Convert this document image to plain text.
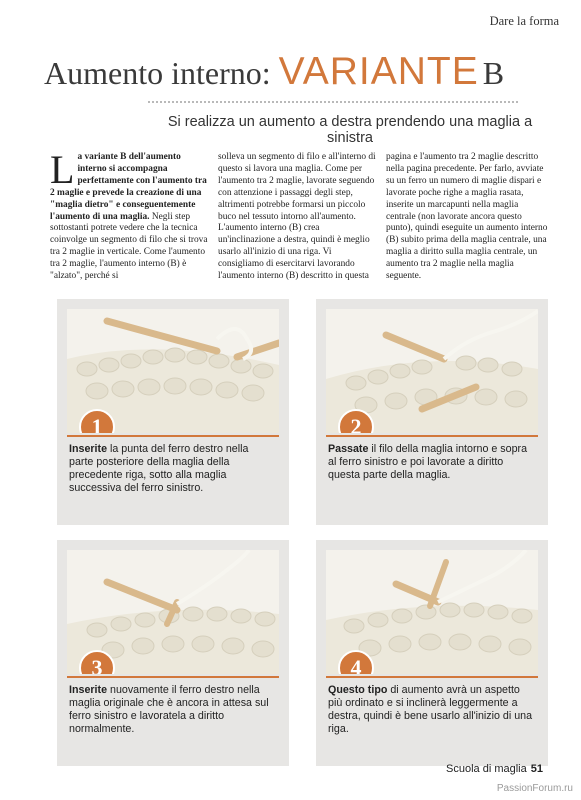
Dare la forma
Aumento interno: VARIANTE B
Si realizza un aumento a destra prendendo una maglia a sinistra
La variante B dell'aumento interno si accompagna perfettamente con l'aumento tra 2 maglie e prevede la creazione di una "maglia dietro" e conseguentemente l'aumento di una maglia. Negli step sottostanti potrete vedere che la tecnica coinvolge un segmento di filo che si trova tra 2 maglie in verticale. Come l'aumento tra 2 maglie, l'aumento interno (B) è "alzato", perché si
solleva un segmento di filo e all'interno di questo si lavora una maglia. Come per l'aumento tra 2 maglie, lavorate seguendo con attenzione i passaggi degli step, altrimenti potrebbe formarsi un piccolo buco nel tessuto intorno all'aumento. L'aumento interno (B) crea un'inclinazione a destra, quindi è meglio usarlo all'inizio di una riga. Vi consigliamo di esercitarvi lavorando l'aumento interno (B) descritto in questa
pagina e l'aumento tra 2 maglie descritto nella pagina precedente. Per farlo, avviate su un ferro un numero di maglie dispari e lavorate poche righe a maglia rasata, inserite un marcapunti nella maglia centrale (non lavorate ancora questo punto), quindi eseguite un aumento interno (B) subito prima della maglia centrale, una maglia a diritto sulla maglia centrale, un aumento tra 2 maglie nella maglia seguente.
1
Inserite la punta del ferro destro nella parte posteriore della maglia della precedente riga, sotto alla maglia successiva del ferro sinistro.
2
Passate il filo della maglia intorno e sopra al ferro sinistro e poi lavorate a diritto questa parte della maglia.
3
Inserite nuovamente il ferro destro nella maglia originale che è ancora in attesa sul ferro sinistro e lavoratela a diritto normalmente.
4
Questo tipo di aumento avrà un aspetto più ordinato e si inclinerà leggermente a destra, quindi è bene usarlo all'inizio di una riga.
Scuola di maglia 51
PassionForum.ru
